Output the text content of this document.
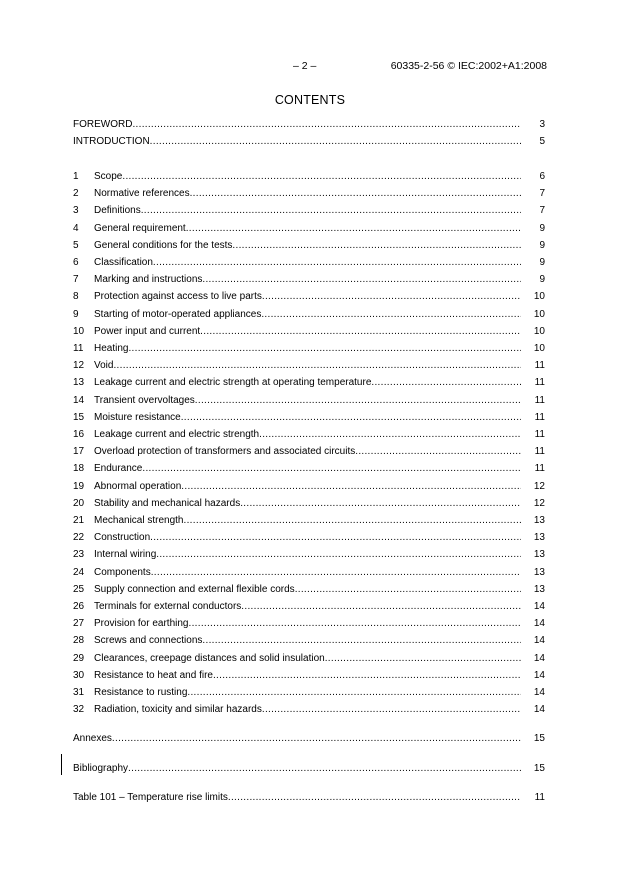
– 2 –	60335-2-56 © IEC:2002+A1:2008
CONTENTS
FOREWORD .....	3
INTRODUCTION .....	5
1 Scope .....	6
2 Normative references .....	7
3 Definitions .....	7
4 General requirement .....	9
5 General conditions for the tests .....	9
6 Classification .....	9
7 Marking and instructions .....	9
8 Protection against access to live parts .....	10
9 Starting of motor-operated appliances .....	10
10 Power input and current .....	10
11 Heating .....	10
12 Void .....	11
13 Leakage current and electric strength at operating temperature .....	11
14 Transient overvoltages .....	11
15 Moisture resistance .....	11
16 Leakage current and electric strength .....	11
17 Overload protection of transformers and associated circuits .....	11
18 Endurance .....	11
19 Abnormal operation .....	12
20 Stability and mechanical hazards .....	12
21 Mechanical strength .....	13
22 Construction .....	13
23 Internal wiring .....	13
24 Components .....	13
25 Supply connection and external flexible cords .....	13
26 Terminals for external conductors .....	14
27 Provision for earthing .....	14
28 Screws and connections .....	14
29 Clearances, creepage distances and solid insulation .....	14
30 Resistance to heat and fire .....	14
31 Resistance to rusting .....	14
32 Radiation, toxicity and similar hazards .....	14
Annexes .....	15
Bibliography .....	15
Table 101 – Temperature rise limits .....	11
